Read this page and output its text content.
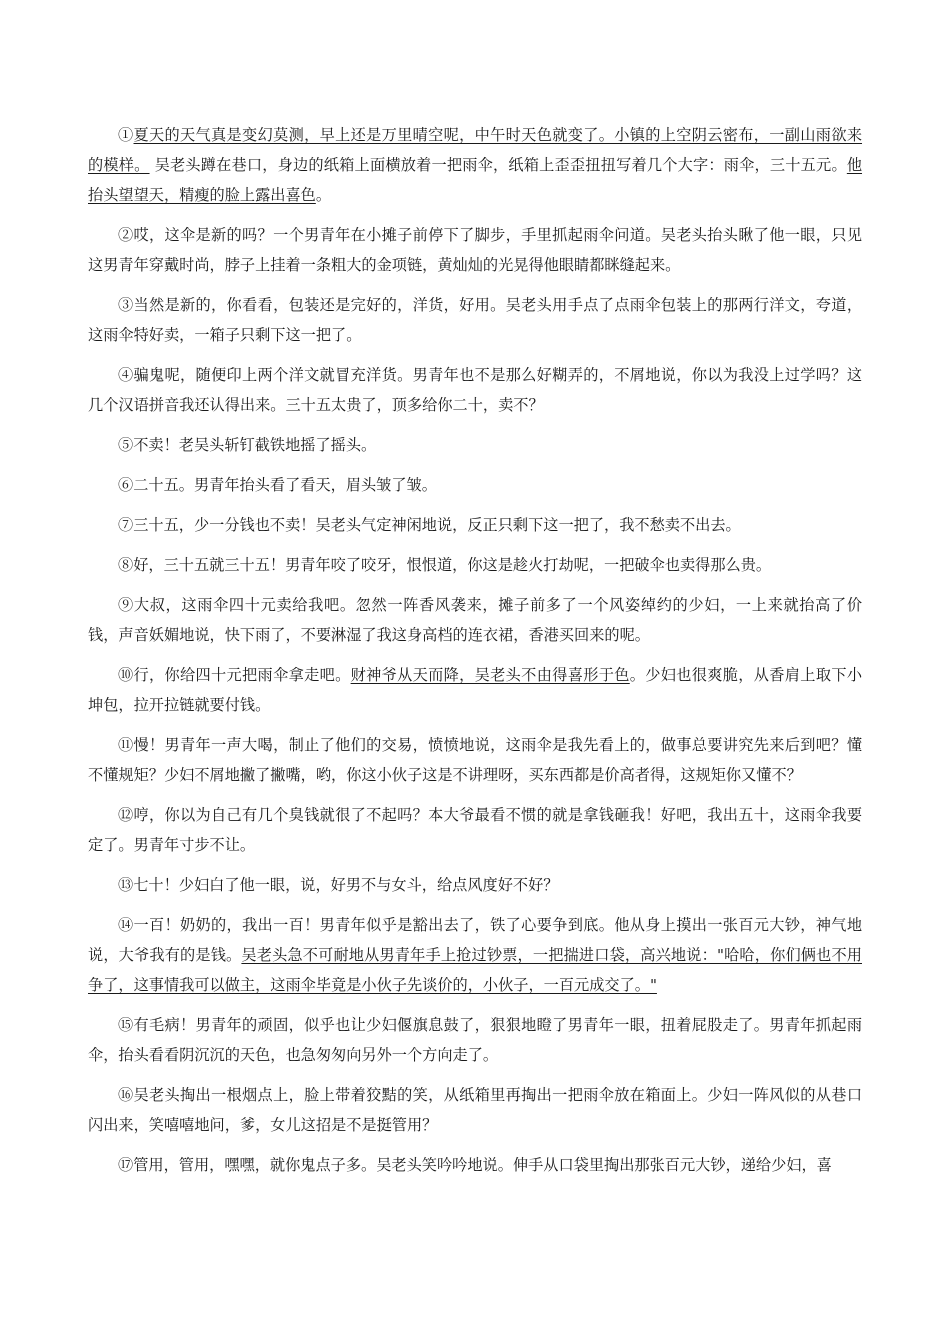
①夏天的天气真是变幻莫测，早上还是万里晴空呢，中午时天色就变了。小镇的上空阴云密布，一副山雨欲来的模样。 吴老头蹲在巷口，身边的纸箱上面横放着一把雨伞，纸箱上歪歪扭扭写着几个大字：雨伞，三十五元。他抬头望望天，精瘦的脸上露出喜色。

②哎，这伞是新的吗？一个男青年在小摊子前停下了脚步，手里抓起雨伞问道。吴老头抬头瞅了他一眼，只见这男青年穿戴时尚，脖子上挂着一条粗大的金项链，黄灿灿的光晃得他眼睛都眯缝起来。

③当然是新的，你看看，包装还是完好的，洋货，好用。吴老头用手点了点雨伞包装上的那两行洋文，夸道，这雨伞特好卖，一箱子只剩下这一把了。

④骗鬼呢，随便印上两个洋文就冒充洋货。男青年也不是那么好糊弄的，不屑地说，你以为我没上过学吗？这几个汉语拼音我还认得出来。三十五太贵了，顶多给你二十，卖不？

⑤不卖！老吴头斩钉截铁地摇了摇头。

⑥二十五。男青年抬头看了看天，眉头皱了皱。

⑦三十五，少一分钱也不卖！吴老头气定神闲地说，反正只剩下这一把了，我不愁卖不出去。

⑧好，三十五就三十五！男青年咬了咬牙，恨恨道，你这是趁火打劫呢，一把破伞也卖得那么贵。

⑨大叔，这雨伞四十元卖给我吧。忽然一阵香风袭来，摊子前多了一个风姿绰约的少妇，一上来就抬高了价钱，声音妖媚地说，快下雨了，不要淋湿了我这身高档的连衣裙，香港买回来的呢。

⑩行，你给四十元把雨伞拿走吧。财神爷从天而降，吴老头不由得喜形于色。少妇也很爽脆，从香肩上取下小坤包，拉开拉链就要付钱。

⑪慢！男青年一声大喝，制止了他们的交易，愤愤地说，这雨伞是我先看上的，做事总要讲究先来后到吧？懂不懂规矩？少妇不屑地撇了撇嘴，哟，你这小伙子这是不讲理呀，买东西都是价高者得，这规矩你又懂不？

⑫哼，你以为自己有几个臭钱就很了不起吗？本大爷最看不惯的就是拿钱砸我！好吧，我出五十，这雨伞我要定了。男青年寸步不让。

⑬七十！少妇白了他一眼，说，好男不与女斗，给点风度好不好？

⑭一百！奶奶的，我出一百！男青年似乎是豁出去了，铁了心要争到底。他从身上摸出一张百元大钞，神气地说，大爷我有的是钱。吴老头急不可耐地从男青年手上抢过钞票，一把揣进口袋，高兴地说："哈哈，你们俩也不用争了，这事情我可以做主，这雨伞毕竟是小伙子先谈价的，小伙子，一百元成交了。"

⑮有毛病！男青年的顽固，似乎也让少妇偃旗息鼓了，狠狠地瞪了男青年一眼，扭着屁股走了。男青年抓起雨伞，抬头看看阴沉沉的天色，也急匆匆向另外一个方向走了。

⑯吴老头掏出一根烟点上，脸上带着狡黠的笑，从纸箱里再掏出一把雨伞放在箱面上。少妇一阵风似的从巷口闪出来，笑嘻嘻地问，爹，女儿这招是不是挺管用？

⑰管用，管用，嘿嘿，就你鬼点子多。吴老头笑吟吟地说。伸手从口袋里掏出那张百元大钞，递给少妇，喜
